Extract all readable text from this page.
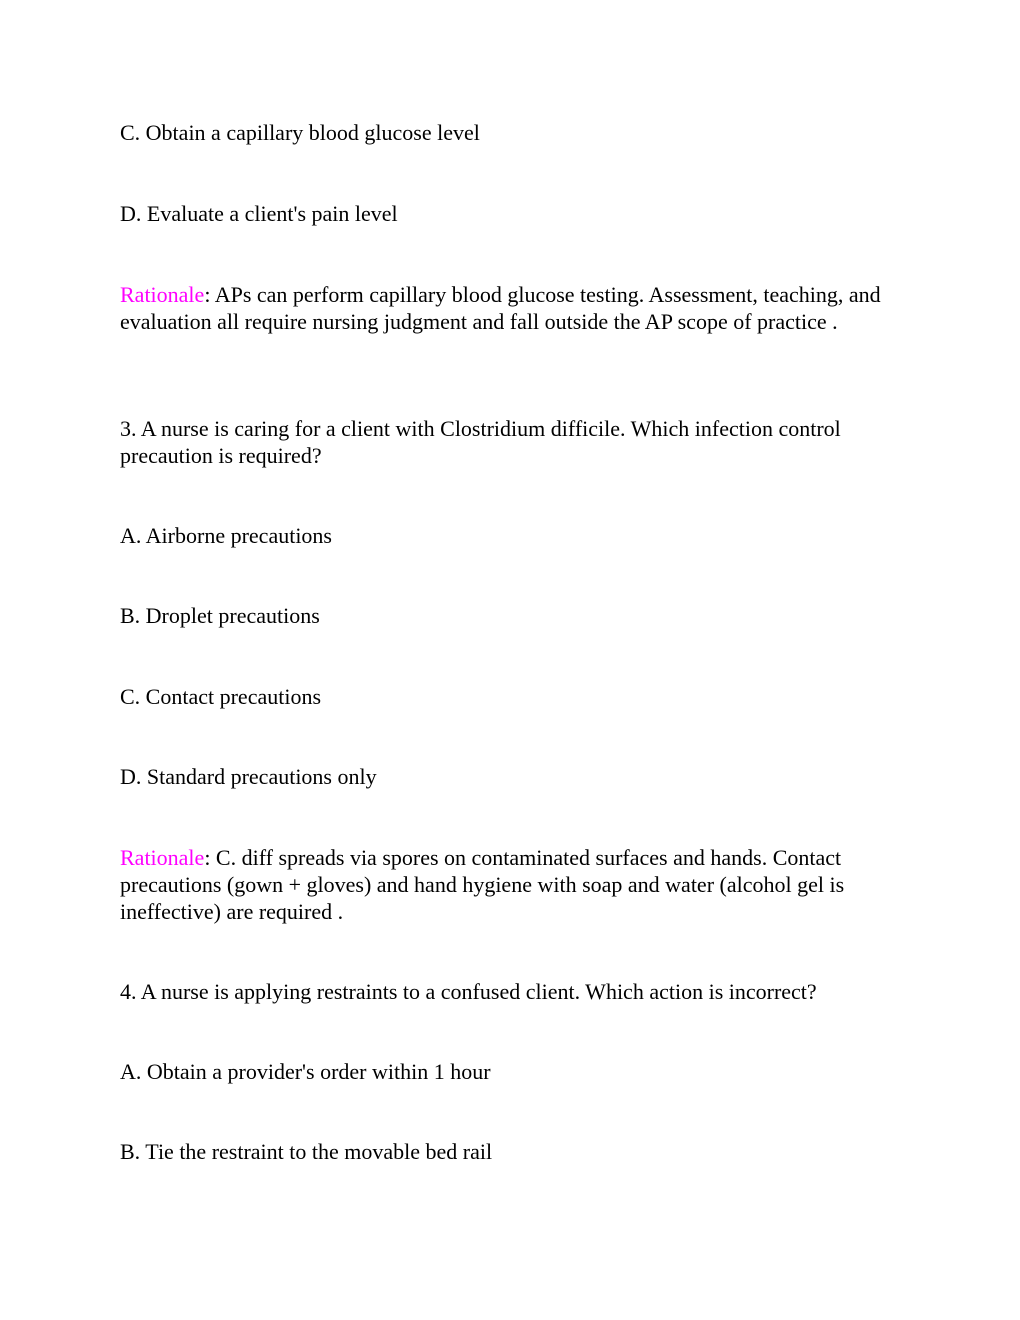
C. Obtain a capillary blood glucose level

D. Evaluate a client's pain level

Rationale: APs can perform capillary blood glucose testing. Assessment, teaching, and evaluation all require nursing judgment and fall outside the AP scope of practice .

3. A nurse is caring for a client with Clostridium difficile. Which infection control precaution is required?

A. Airborne precautions

B. Droplet precautions

C. Contact precautions

D. Standard precautions only

Rationale: C. diff spreads via spores on contaminated surfaces and hands. Contact precautions (gown + gloves) and hand hygiene with soap and water (alcohol gel is ineffective) are required .

4. A nurse is applying restraints to a confused client. Which action is incorrect?

A. Obtain a provider's order within 1 hour

B. Tie the restraint to the movable bed rail
